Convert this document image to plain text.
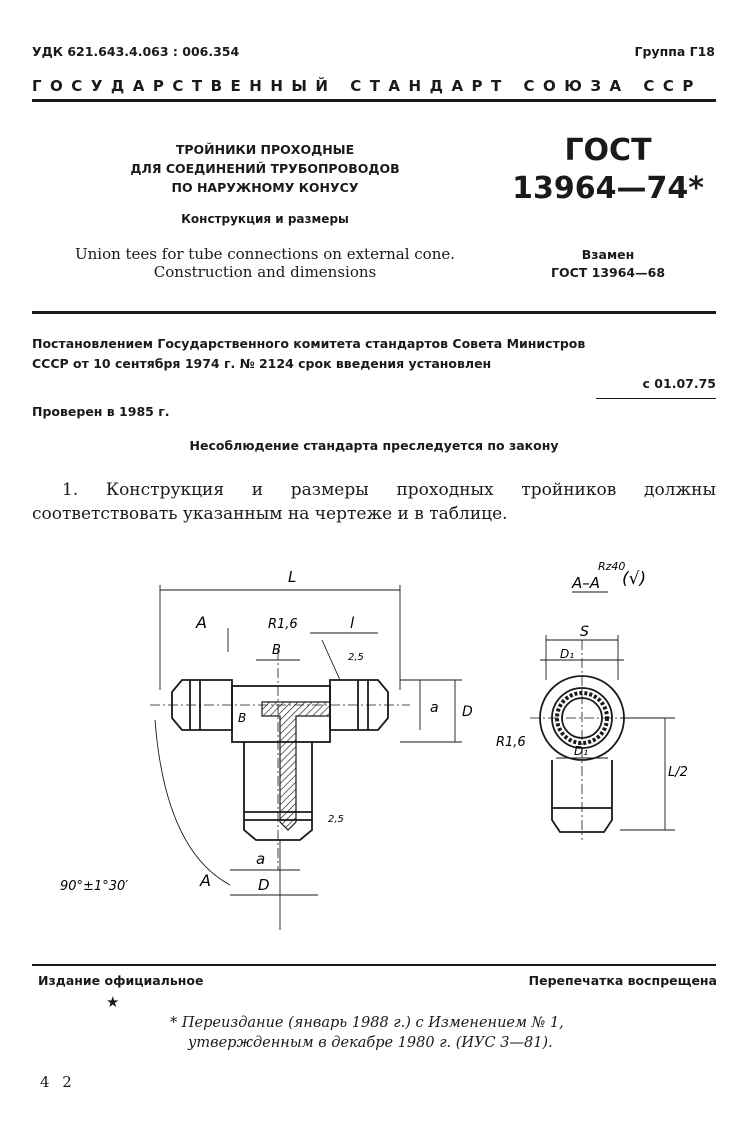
УДК 621.643.4.063 : 006.354	Группа Г18
ГОСУДАРСТВЕННЫЙ СТАНДАРТ СОЮЗА ССР
ТРОЙНИКИ ПРОХОДНЫЕ
ДЛЯ СОЕДИНЕНИЙ ТРУБОПРОВОДОВ
ПО НАРУЖНОМУ КОНУСУ
Конструкция и размеры
Union tees for tube connections on external cone.
Construction and dimensions
ГОСТ
13964—74*
Взамен
ГОСТ 13964—68
Постановлением Государственного комитета стандартов Совета Министров
СССР от 10 сентября 1974 г. № 2124 срок введения установлен
с 01.07.75
Проверен в 1985 г.
Несоблюдение стандарта преследуется по закону
1. Конструкция и размеры проходных тройников должны соответствовать указанным на чертеже и в таблице.
L
A	R1,6	l
B	2,5
a D
B
2,5
a
D
A
90°±1°30′
Rz40
(√)
А–А
S
D₁
R1,6
D₁
L/2
Издание официальное	Перепечатка воспрещена
★
* Переиздание (январь 1988 г.) с Изменением № 1,
утвержденным в декабре 1980 г. (ИУС 3—81).
4 2
